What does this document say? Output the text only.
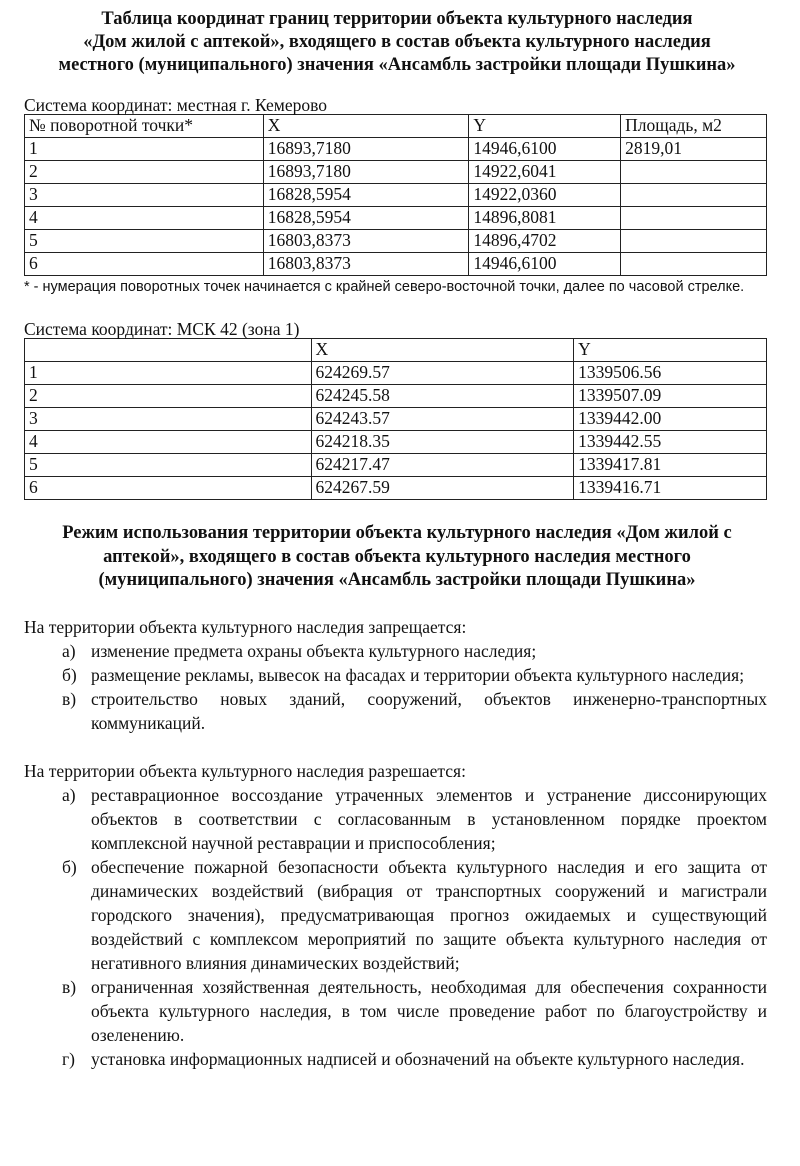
Таблица координат границ территории объекта культурного наследия
«Дом жилой с аптекой», входящего в состав объекта культурного наследия
местного (муниципального) значения «Ансамбль застройки площади Пушкина»
Система координат: местная г. Кемерово
№ поворотной точки*	X	Y	Площадь, м2
1	16893,7180	14946,6100	2819,01
2	16893,7180	14922,6041	
3	16828,5954	14922,0360	
4	16828,5954	14896,8081	
5	16803,8373	14896,4702	
6	16803,8373	14946,6100	
* - нумерация поворотных точек начинается с крайней северо-восточной точки, далее по часовой стрелке.
Система координат: МСК 42 (зона 1)
	X	Y
1	624269.57	1339506.56
2	624245.58	1339507.09
3	624243.57	1339442.00
4	624218.35	1339442.55
5	624217.47	1339417.81
6	624267.59	1339416.71
Режим использования территории объекта культурного наследия «Дом жилой с
аптекой», входящего в состав объекта культурного наследия местного
(муниципального) значения «Ансамбль застройки площади Пушкина»
На территории объекта культурного наследия запрещается:
а) изменение предмета охраны объекта культурного наследия;
б) размещение рекламы, вывесок на фасадах и территории объекта культурного наследия;
в) строительство новых зданий, сооружений, объектов инженерно-транспортных коммуникаций.
На территории объекта культурного наследия разрешается:
а) реставрационное воссоздание утраченных элементов и устранение диссонирующих объектов в соответствии с согласованным в установленном порядке проектом комплексной научной реставрации и приспособления;
б) обеспечение пожарной безопасности объекта культурного наследия и его защита от динамических воздействий (вибрация от транспортных сооружений и магистрали городского значения), предусматривающая прогноз ожидаемых и существующий воздействий с комплексом мероприятий по защите объекта культурного наследия от негативного влияния динамических воздействий;
в) ограниченная хозяйственная деятельность, необходимая для обеспечения сохранности объекта культурного наследия, в том числе проведение работ по благоустройству и озеленению.
г) установка информационных надписей и обозначений на объекте культурного наследия.
